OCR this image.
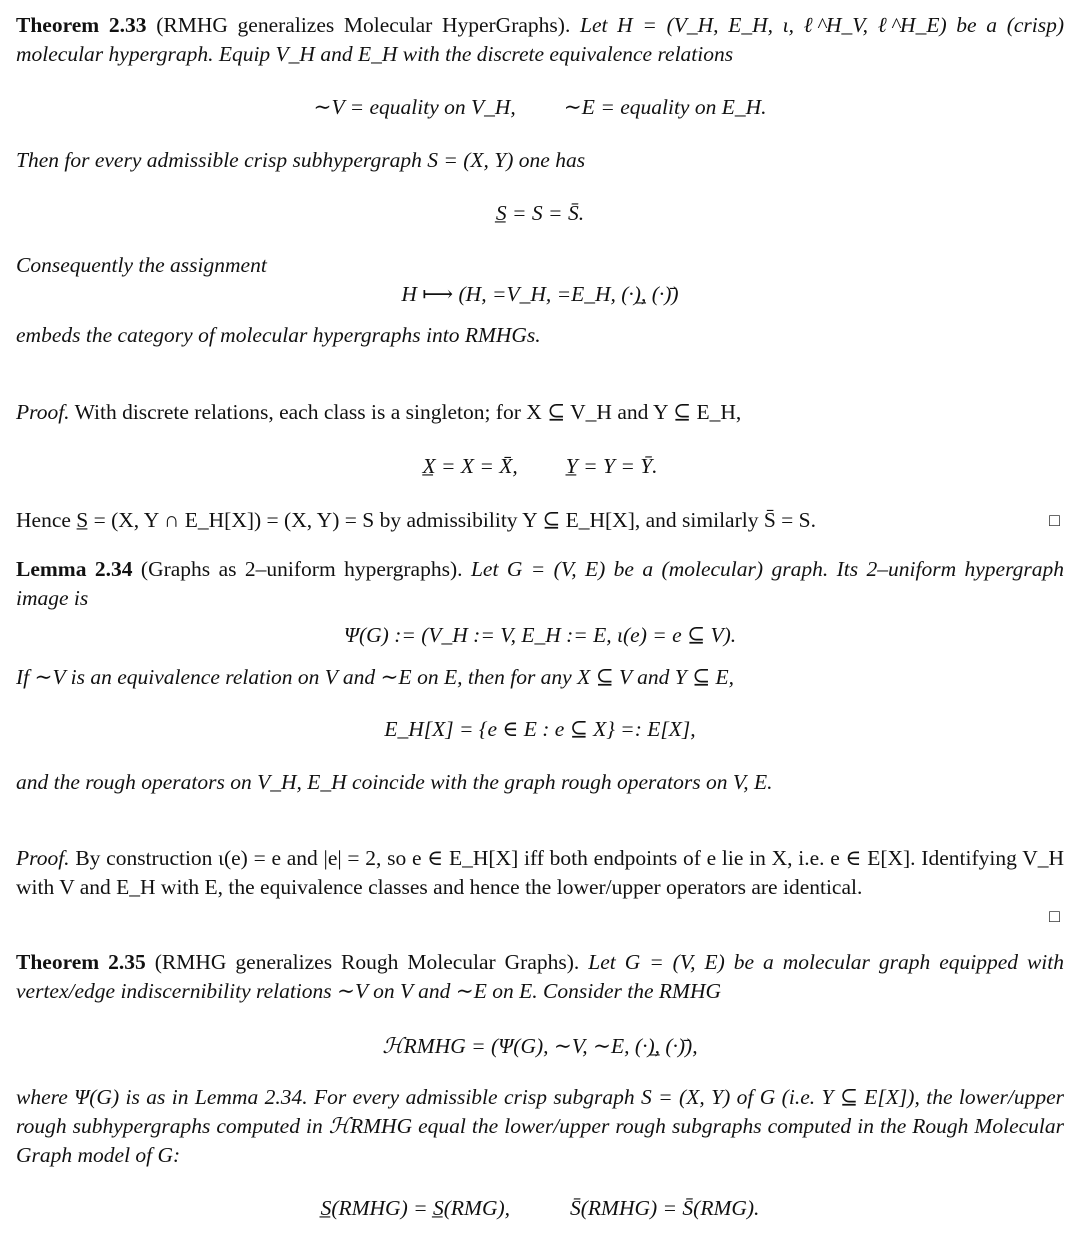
Theorem 2.33 (RMHG generalizes Molecular HyperGraphs). Let H = (V_H, E_H, ι, ℓ^H_V, ℓ^H_E) be a (crisp) molecular hypergraph. Equip V_H and E_H with the discrete equivalence relations

∼V = equality on V_H, ∼E = equality on E_H.

Then for every admissible crisp subhypergraph S = (X, Y) one has

S̲ = S = S̄.

Consequently the assignment

H ⟼ (H, =V_H, =E_H, (·)̲, (·)̄)

embeds the category of molecular hypergraphs into RMHGs.

Proof. With discrete relations, each class is a singleton; for X ⊆ V_H and Y ⊆ E_H,

X̲ = X = X̄, Y̲ = Y = Ȳ.
Hence S̲ = (X, Y ∩ E_H[X]) = (X, Y) = S by admissibility Y ⊆ E_H[X], and similarly S̄ = S.	□

Lemma 2.34 (Graphs as 2–uniform hypergraphs). Let G = (V, E) be a (molecular) graph. Its 2–uniform hypergraph image is

Ψ(G) := (V_H := V, E_H := E, ι(e) = e ⊆ V).

If ∼V is an equivalence relation on V and ∼E on E, then for any X ⊆ V and Y ⊆ E,

E_H[X] = {e ∈ E : e ⊆ X} =: E[X],

and the rough operators on V_H, E_H coincide with the graph rough operators on V, E.

Proof. By construction ι(e) = e and |e| = 2, so e ∈ E_H[X] iff both endpoints of e lie in X, i.e. e ∈ E[X]. Identifying V_H with V and E_H with E, the equivalence classes and hence the lower/upper operators are identical.

□

Theorem 2.35 (RMHG generalizes Rough Molecular Graphs). Let G = (V, E) be a molecular graph equipped with vertex/edge indiscernibility relations ∼V on V and ∼E on E. Consider the RMHG

ℋRMHG = (Ψ(G), ∼V, ∼E, (·)̲, (·)̄),

where Ψ(G) is as in Lemma 2.34. For every admissible crisp subgraph S = (X, Y) of G (i.e. Y ⊆ E[X]), the lower/upper rough subhypergraphs computed in ℋRMHG equal the lower/upper rough subgraphs computed in the Rough Molecular Graph model of G:

S̲(RMHG) = S̲(RMG),	S̄(RMHG) = S̄(RMG).
